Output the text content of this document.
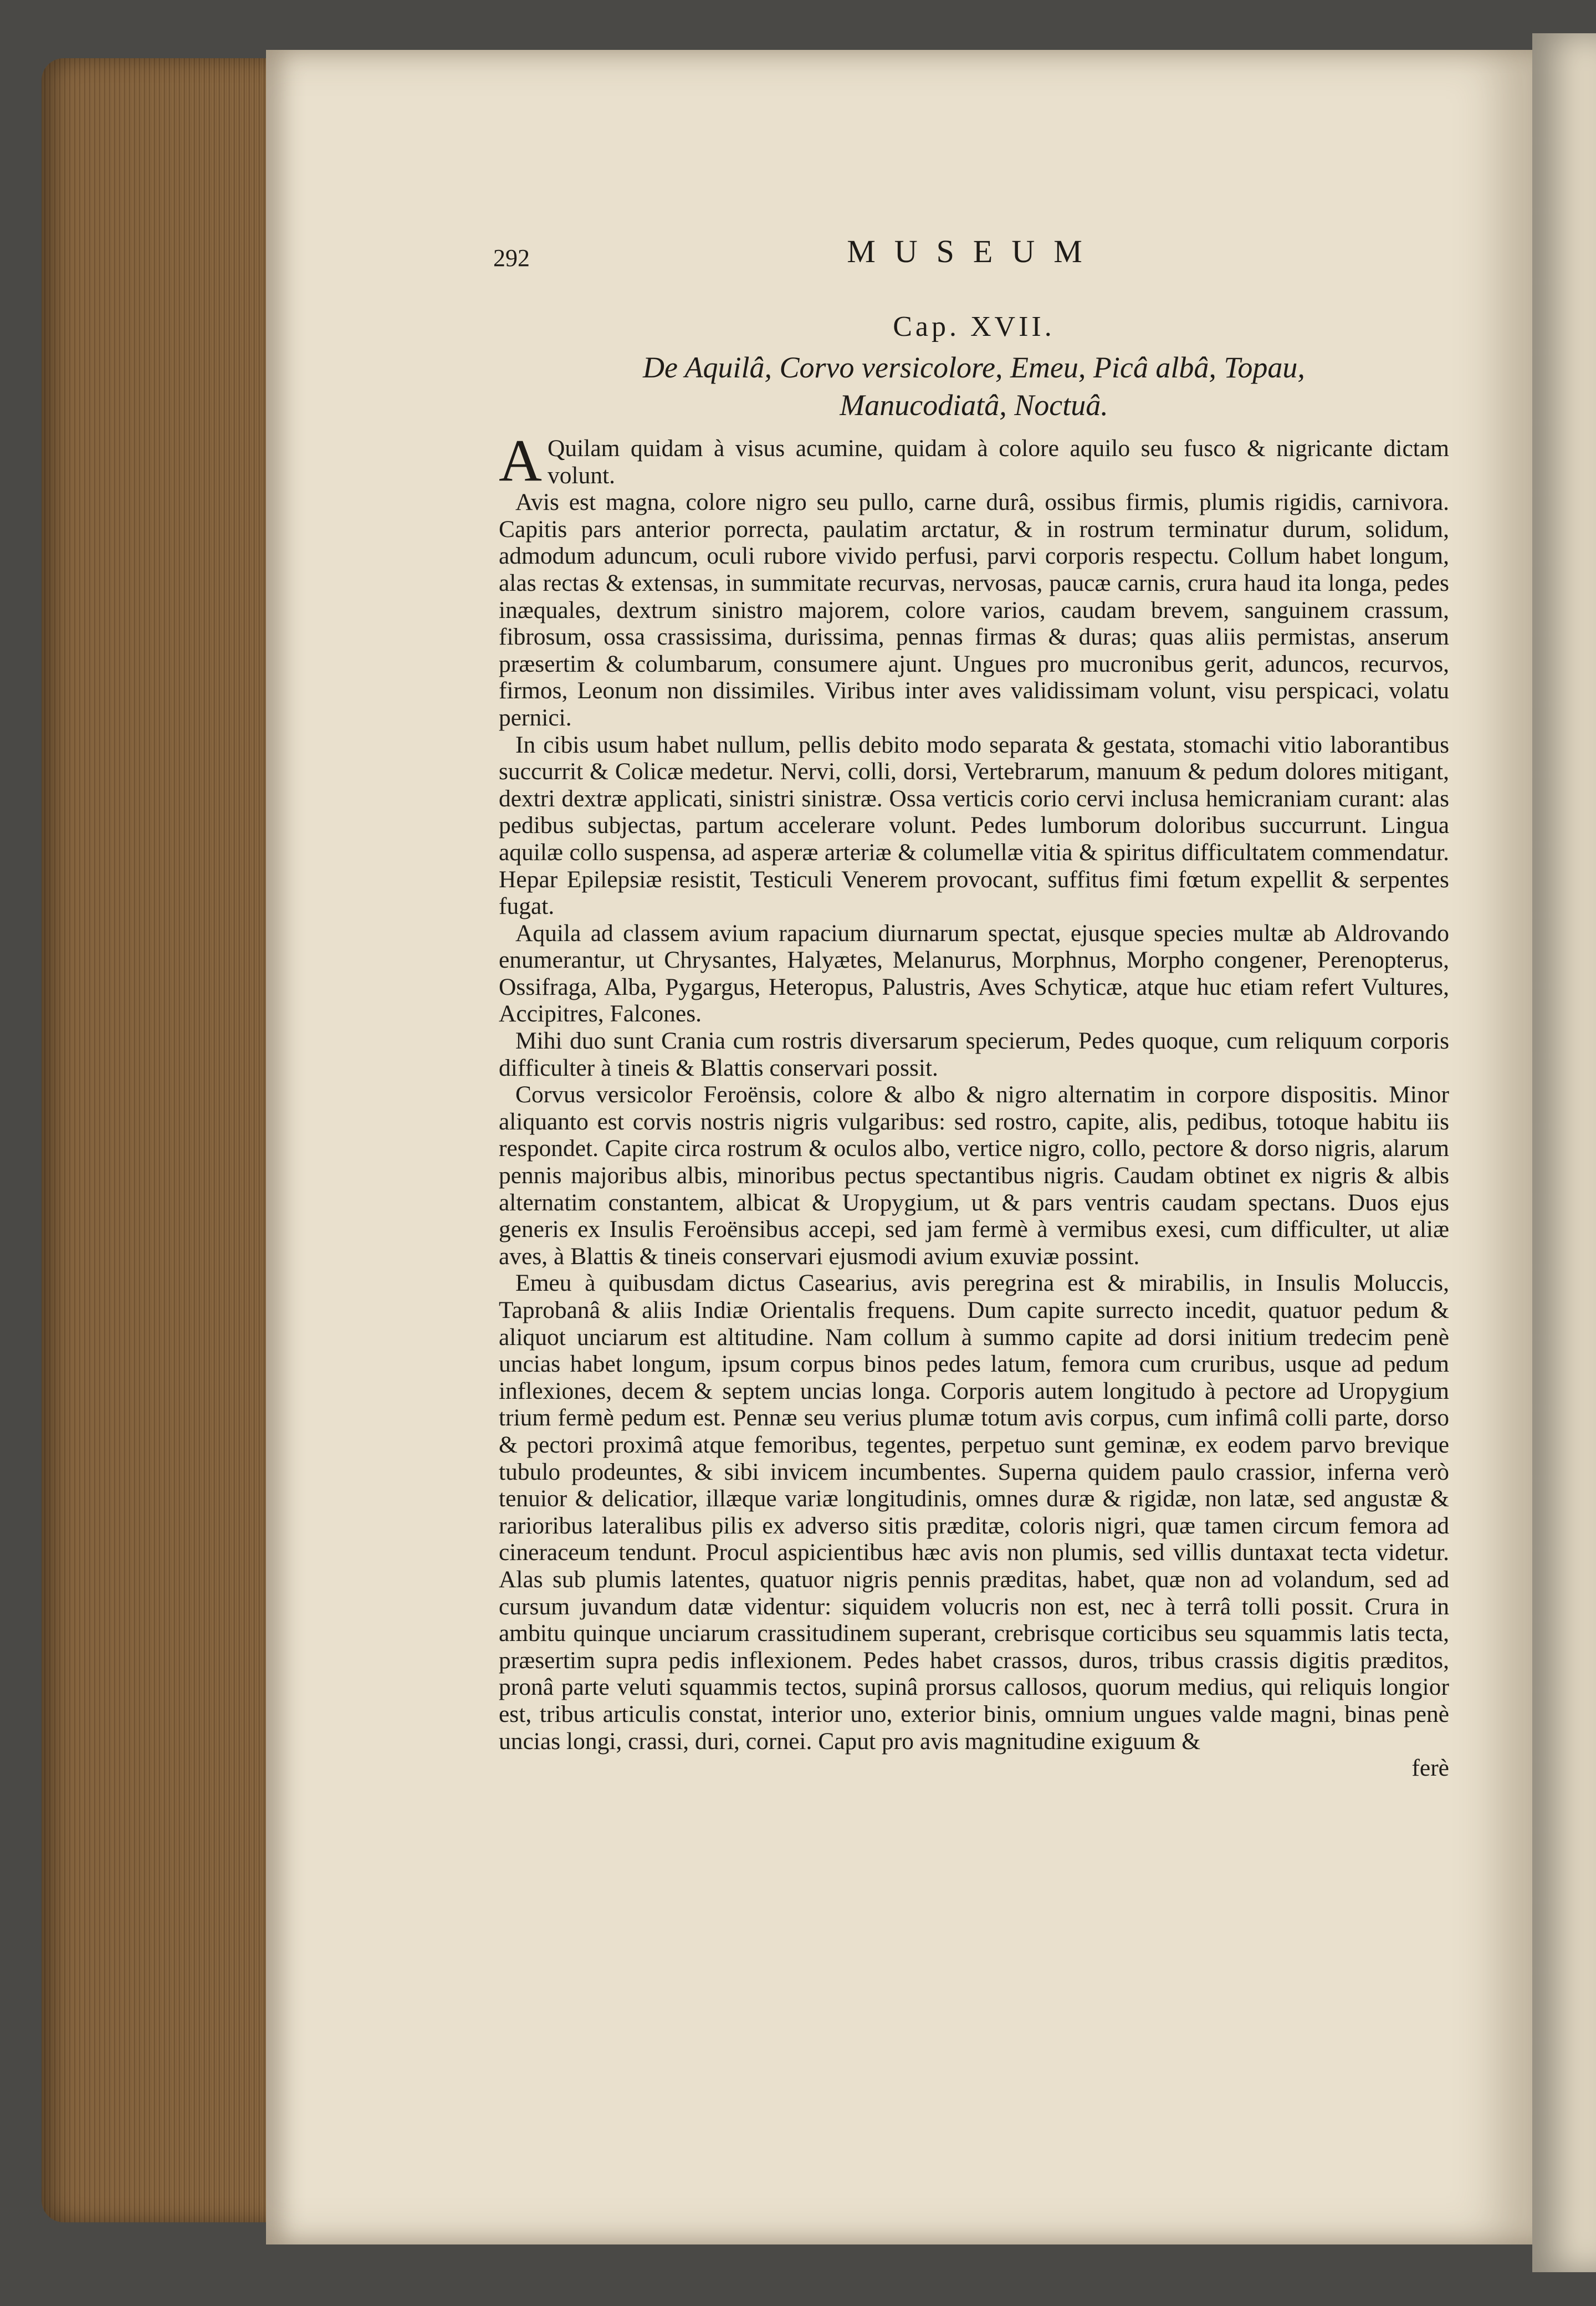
292	MUSEUM
Cap. XVII.
De Aquilâ, Corvo versicolore, Emeu, Picâ albâ, Topau,
Manucodiatâ, Noctuâ.

A Quilam quidam à visus acumine, quidam à colore aquilo seu fusco & nigricante dictam volunt.

Avis est magna, colore nigro seu pullo, carne durâ, ossibus firmis, plumis rigidis, carnivora. Capitis pars anterior porrecta, paulatim arctatur, & in rostrum terminatur durum, solidum, admodum aduncum, oculi rubore vivido perfusi, parvi corporis respectu. Collum habet longum, alas rectas & extensas, in summitate recurvas, nervosas, paucæ carnis, crura haud ita longa, pedes inæquales, dextrum sinistro majorem, colore varios, caudam brevem, sanguinem crassum, fibrosum, ossa crassissima, durissima, pennas firmas & duras; quas aliis permistas, anserum præsertim & columbarum, consumere ajunt. Ungues pro mucronibus gerit, aduncos, recurvos, firmos, Leonum non dissimiles. Viribus inter aves validissimam volunt, visu perspicaci, volatu pernici.

In cibis usum habet nullum, pellis debito modo separata & gestata, stomachi vitio laborantibus succurrit & Colicæ medetur. Nervi, colli, dorsi, Vertebrarum, manuum & pedum dolores mitigant, dextri dextræ applicati, sinistri sinistræ. Ossa verticis corio cervi inclusa hemicraniam curant: alas pedibus subjectas, partum accelerare volunt. Pedes lumborum doloribus succurrunt. Lingua aquilæ collo suspensa, ad asperæ arteriæ & columellæ vitia & spiritus difficultatem commendatur. Hepar Epilepsiæ resistit, Testiculi Venerem provocant, suffitus fimi fœtum expellit & serpentes fugat.

Aquila ad classem avium rapacium diurnarum spectat, ejusque species multæ ab Aldrovando enumerantur, ut Chrysantes, Halyætes, Melanurus, Morphnus, Morpho congener, Perenopterus, Ossifraga, Alba, Pygargus, Heteropus, Palustris, Aves Schyticæ, atque huc etiam refert Vultures, Accipitres, Falcones.

Mihi duo sunt Crania cum rostris diversarum specierum, Pedes quoque, cum reliquum corporis difficulter à tineis & Blattis conservari possit.

Corvus versicolor Feroënsis, colore & albo & nigro alternatim in corpore dispositis. Minor aliquanto est corvis nostris nigris vulgaribus: sed rostro, capite, alis, pedibus, totoque habitu iis respondet. Capite circa rostrum & oculos albo, vertice nigro, collo, pectore & dorso nigris, alarum pennis majoribus albis, minoribus pectus spectantibus nigris. Caudam obtinet ex nigris & albis alternatim constantem, albicat & Uropygium, ut & pars ventris caudam spectans. Duos ejus generis ex Insulis Feroënsibus accepi, sed jam fermè à vermibus exesi, cum difficulter, ut aliæ aves, à Blattis & tineis conservari ejusmodi avium exuviæ possint.

Emeu à quibusdam dictus Casearius, avis peregrina est & mirabilis, in Insulis Moluccis, Taprobanâ & aliis Indiæ Orientalis frequens. Dum capite surrecto incedit, quatuor pedum & aliquot unciarum est altitudine. Nam collum à summo capite ad dorsi initium tredecim penè uncias habet longum, ipsum corpus binos pedes latum, femora cum cruribus, usque ad pedum inflexiones, decem & septem uncias longa. Corporis autem longitudo à pectore ad Uropygium trium fermè pedum est. Pennæ seu verius plumæ totum avis corpus, cum infimâ colli parte, dorso & pectori proximâ atque femoribus, tegentes, perpetuo sunt geminæ, ex eodem parvo brevique tubulo prodeuntes, & sibi invicem incumbentes. Superna quidem paulo crassior, inferna verò tenuior & delicatior, illæque variæ longitudinis, omnes duræ & rigidæ, non latæ, sed angustæ & rarioribus lateralibus pilis ex adverso sitis præditæ, coloris nigri, quæ tamen circum femora ad cineraceum tendunt. Procul aspicientibus hæc avis non plumis, sed villis duntaxat tecta videtur. Alas sub plumis latentes, quatuor nigris pennis præditas, habet, quæ non ad volandum, sed ad cursum juvandum datæ videntur: siquidem volucris non est, nec à terrâ tolli possit. Crura in ambitu quinque unciarum crassitudinem superant, crebrisque corticibus seu squammis latis tecta, præsertim supra pedis inflexionem. Pedes habet crassos, duros, tribus crassis digitis præditos, pronâ parte veluti squammis tectos, supinâ prorsus callosos, quorum medius, qui reliquis longior est, tribus articulis constat, interior uno, exterior binis, omnium ungues valde magni, binas penè uncias longi, crassi, duri, cornei. Caput pro avis magnitudine exiguum &

ferè
